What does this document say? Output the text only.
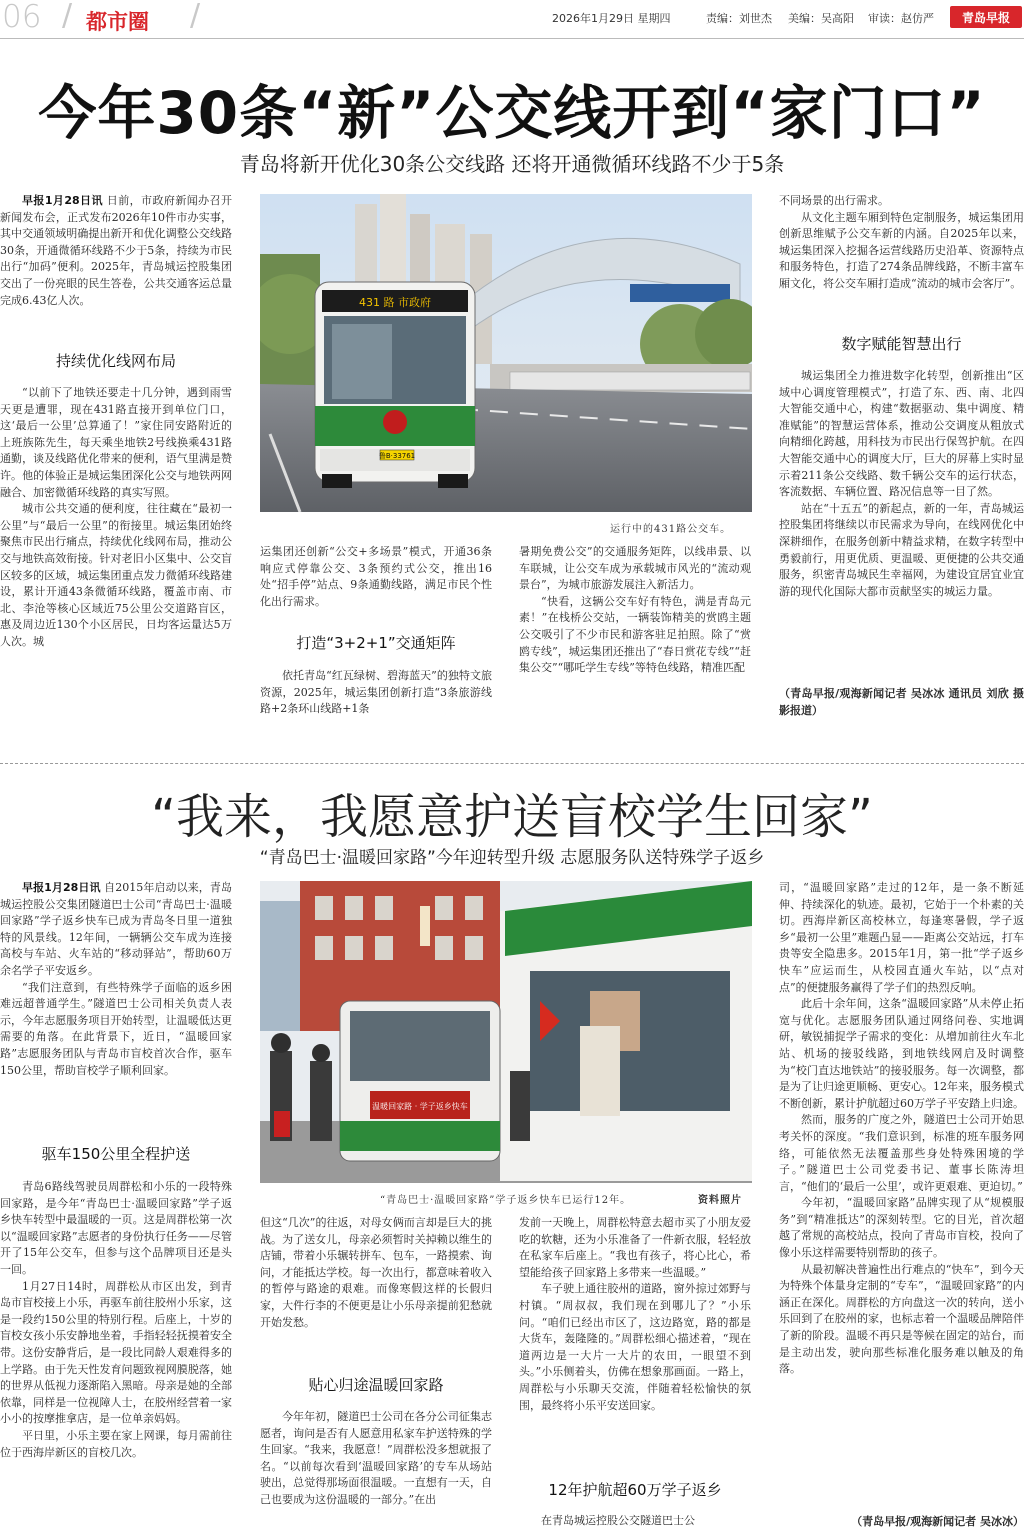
06 / 都市圈 /	2026年1月29日 星期四	责编：刘世杰 美编：吴高阳 审读：赵仿严	青岛早报
今年30条“新”公交线开到“家门口”
青岛将新开优化30条公交线路 还将开通微循环线路不少于5条

早报1月28日讯 日前，市政府新闻办召开新闻发布会，正式发布2026年10件市办实事，其中交通领域明确提出新开和优化调整公交线路30条，开通微循环线路不少于5条，持续为市民出行“加码”便利。2025年，青岛城运控股集团交出了一份亮眼的民生答卷，公共交通客运总量完成6.43亿人次。

持续优化线网布局

“以前下了地铁还要走十几分钟，遇到雨雪天更是遭罪，现在431路直接开到单位门口，这‘最后一公里’总算通了！”家住同安路附近的上班族陈先生，每天乘坐地铁2号线换乘431路通勤，谈及线路优化带来的便利，语气里满是赞许。他的体验正是城运集团深化公交与地铁两网融合、加密微循环线路的真实写照。

城市公共交通的便利度，往往藏在“最初一公里”与“最后一公里”的衔接里。城运集团始终聚焦市民出行痛点，持续优化线网布局，推动公交与地铁高效衔接。针对老旧小区集中、公交盲区较多的区域，城运集团重点发力微循环线路建设，累计开通43条微循环线路，覆盖市南、市北、李沧等核心区域近75公里公交道路盲区，惠及周边近130个小区居民，日均客运量达5万人次。城

431 路 市政府
鲁B·33761
运行中的431路公交车。

运集团还创新“公交+多场景”模式，开通36条响应式停靠公交、3条预约式公交，推出16处“招手停”站点、9条通勤线路，满足市民个性化出行需求。

打造“3+2+1”交通矩阵

依托青岛“红瓦绿树、碧海蓝天”的独特文旅资源，2025年，城运集团创新打造“3条旅游线路+2条环山线路+1条

暑期免费公交”的交通服务矩阵，以线串景、以车联城，让公交车成为承载城市风光的“流动观景台”，为城市旅游发展注入新活力。

“快看，这辆公交车好有特色，满是青岛元素！”在栈桥公交站，一辆装饰精美的赏鸥主题公交吸引了不少市民和游客驻足拍照。除了“赏鸥专线”，城运集团还推出了“春日赏花专线”“赶集公交”“哪吒学生专线”等特色线路，精准匹配

不同场景的出行需求。

从文化主题车厢到特色定制服务，城运集团用创新思维赋予公交车新的内涵。自2025年以来，城运集团深入挖掘各运营线路历史沿革、资源特点和服务特色，打造了274条品牌线路，不断丰富车厢文化，将公交车厢打造成“流动的城市会客厅”。

数字赋能智慧出行

城运集团全力推进数字化转型，创新推出“区域中心调度管理模式”，打造了东、西、南、北四大智能交通中心，构建“数据驱动、集中调度、精准赋能”的智慧运营体系，推动公交调度从粗放式向精细化跨越，用科技为市民出行保驾护航。在四大智能交通中心的调度大厅，巨大的屏幕上实时显示着211条公交线路、数千辆公交车的运行状态，客流数据、车辆位置、路况信息等一目了然。

站在“十五五”的新起点，新的一年，青岛城运控股集团将继续以市民需求为导向，在线网优化中深耕细作，在服务创新中精益求精，在数字转型中勇毅前行，用更优质、更温暖、更便捷的公共交通服务，织密青岛城民生幸福网，为建设宜居宜业宜游的现代化国际大都市贡献坚实的城运力量。

（青岛早报/观海新闻记者 吴冰冰 通讯员 刘欣 摄影报道）

“我来，我愿意护送盲校学生回家”
“青岛巴士·温暖回家路”今年迎转型升级 志愿服务队送特殊学子返乡

早报1月28日讯 自2015年启动以来，青岛城运控股公交集团隧道巴士公司“青岛巴士·温暖回家路”学子返乡快车已成为青岛冬日里一道独特的风景线。12年间，一辆辆公交车成为连接高校与车站、火车站的“移动驿站”，帮助60万余名学子平安返乡。

“我们注意到，有些特殊学子面临的返乡困难远超普通学生。”隧道巴士公司相关负责人表示，今年志愿服务项目开始转型，让温暖低达更需要的角落。在此背景下，近日，“温暖回家路”志愿服务团队与青岛市盲校首次合作，驱车150公里，帮助盲校学子顺利回家。

驱车150公里全程护送

青岛6路线驾驶员周群松和小乐的一段特殊回家路，是今年“青岛巴士·温暖回家路”学子返乡快车转型中最温暖的一页。这是周群松第一次以“温暖回家路”志愿者的身份执行任务——尽管开了15年公交车，但参与这个品牌项目还是头一回。

1月27日14时，周群松从市区出发，到青岛市盲校接上小乐，再驱车前往胶州小乐家，这是一段约150公里的特别行程。后座上，十岁的盲校女孩小乐安静地坐着，手指轻轻抚摸着安全带。这份安静背后，是一段比同龄人艰难得多的上学路。由于先天性发育问题致视网膜脱落，她的世界从低视力逐渐陷入黑暗。母亲是她的全部依靠，同样是一位视障人士，在胶州经营着一家小小的按摩推拿店，是一位单亲妈妈。

平日里，小乐主要在家上网课，每月需前往位于西海岸新区的盲校几次。

温暖回家路 · 学子返乡快车
“青岛巴士·温暖回家路”学子返乡快车已运行12年。	资料照片

但这“几次”的往返，对母女俩而言却是巨大的挑战。为了送女儿，母亲必须暂时关掉赖以维生的店铺，带着小乐辗转拼车、包车，一路摸索、询问，才能抵达学校。每一次出行，都意味着收入的暂停与路途的艰难。而像寒假这样的长假归家，大件行李的不便更是让小乐母亲提前犯愁就开始发愁。

贴心归途温暖回家路

今年年初，隧道巴士公司在各分公司征集志愿者，询问是否有人愿意用私家车护送特殊的学生回家。“我来，我愿意！”周群松没多想就报了名。“以前每次看到‘温暖回家路’的专车从场站驶出，总觉得那场面很温暖。一直想有一天，自己也要成为这份温暖的一部分。”在出

发前一天晚上，周群松特意去超市买了小朋友爱吃的软糖，还为小乐准备了一件新衣服，轻轻放在私家车后座上。“我也有孩子，将心比心，希望能给孩子回家路上多带来一些温暖。”

车子驶上通往胶州的道路，窗外掠过郊野与村镇。“周叔叔，我们现在到哪儿了？”小乐问。“咱们已经出市区了，这边路宽，路的都是大货车，轰隆隆的。”周群松细心描述着，“现在道两边是一大片一大片的农田，一眼望不到头。”小乐侧着头，仿佛在想象那画面。一路上，周群松与小乐聊天交流，伴随着轻松愉快的氛围，最终将小乐平安送回家。

12年护航超60万学子返乡

在青岛城运控股公交隧道巴士公

司，“温暖回家路”走过的12年，是一条不断延伸、持续深化的轨迹。最初，它始于一个朴素的关切。西海岸新区高校林立，每逢寒暑假，学子返乡“最初一公里”难题凸显——距离公交站远，打车贵等安全隐患多。2015年1月，第一批“学子返乡快车”应运而生，从校园直通火车站，以“点对点”的便捷服务赢得了学子们的热烈反响。

此后十余年间，这条“温暖回家路”从未停止拓宽与优化。志愿服务团队通过网络问卷、实地调研，敏锐捕捉学子需求的变化：从增加前往火车北站、机场的接驳线路，到地铁线网启及时调整为“校门直达地铁站”的接驳服务。每一次调整，都是为了让归途更顺畅、更安心。12年来，服务模式不断创新，累计护航超过60万学子平安踏上归途。

然而，服务的广度之外，隧道巴士公司开始思考关怀的深度。“我们意识到，标准的班车服务网络，可能依然无法覆盖那些身处特殊困境的学子。”隧道巴士公司党委书记、董事长陈涛坦言，“他们的‘最后一公里’，或许更艰难、更迫切。”

今年初，“温暖回家路”品牌实现了从“规模服务”到“精准抵达”的深刻转型。它的目光，首次超越了常规的高校站点，投向了青岛市盲校，投向了像小乐这样需要特别帮助的孩子。

从最初解决普遍性出行难点的“快车”，到今天为特殊个体量身定制的“专车”，“温暖回家路”的内涵正在深化。周群松的方向盘这一次的转向，送小乐回到了在胶州的家，也标志着一个温暖品牌陪伴了新的阶段。温暖不再只是等候在固定的站台，而是主动出发，驶向那些标准化服务难以触及的角落。

（青岛早报/观海新闻记者 吴冰冰）
